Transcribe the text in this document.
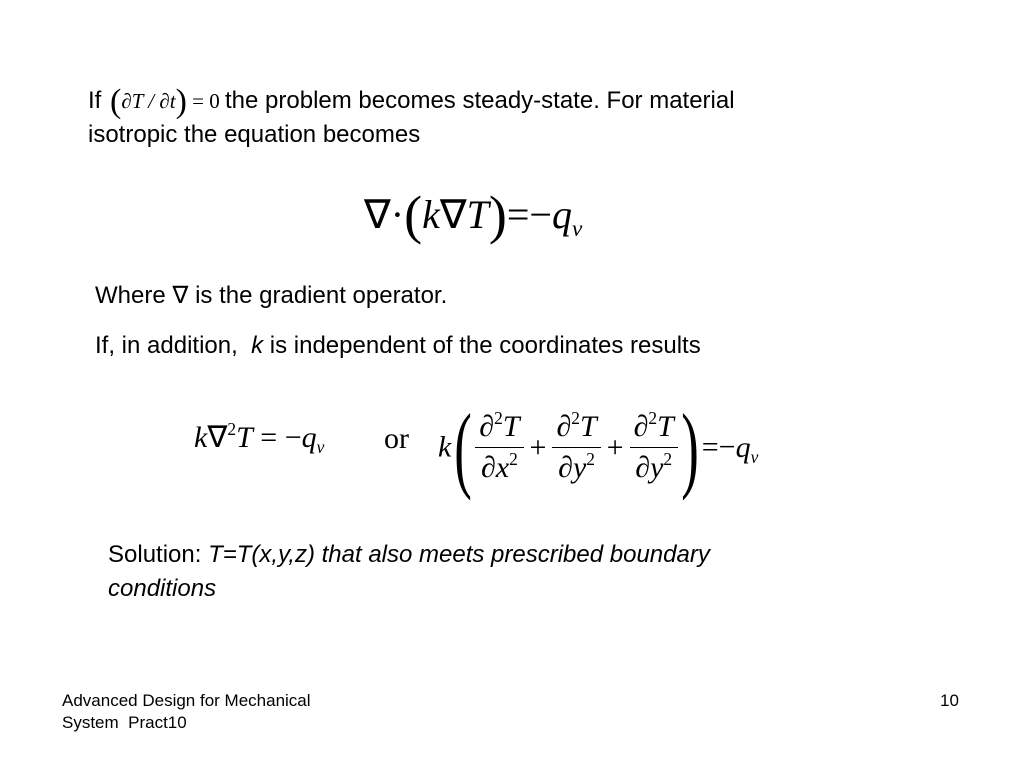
If (∂T / ∂t) = 0 the problem becomes steady-state. For material
isotropic the equation becomes
$\nabla\cdot(k\nabla T)=-q_v$
Where ∇ is the gradient operator.
If, in addition, k is independent of the coordinates results
$k\nabla^2T = -q_v$ or $k( \frac{\partial^2T}{\partial x^2} + \frac{\partial^2T}{\partial y^2} + \frac{\partial^2T}{\partial y^2}$ ) $=-q_v$
Solution: T=T(x,y,z) that also meets prescribed boundary
conditions
Advanced Design for Mechanical
System  Pract10
10
